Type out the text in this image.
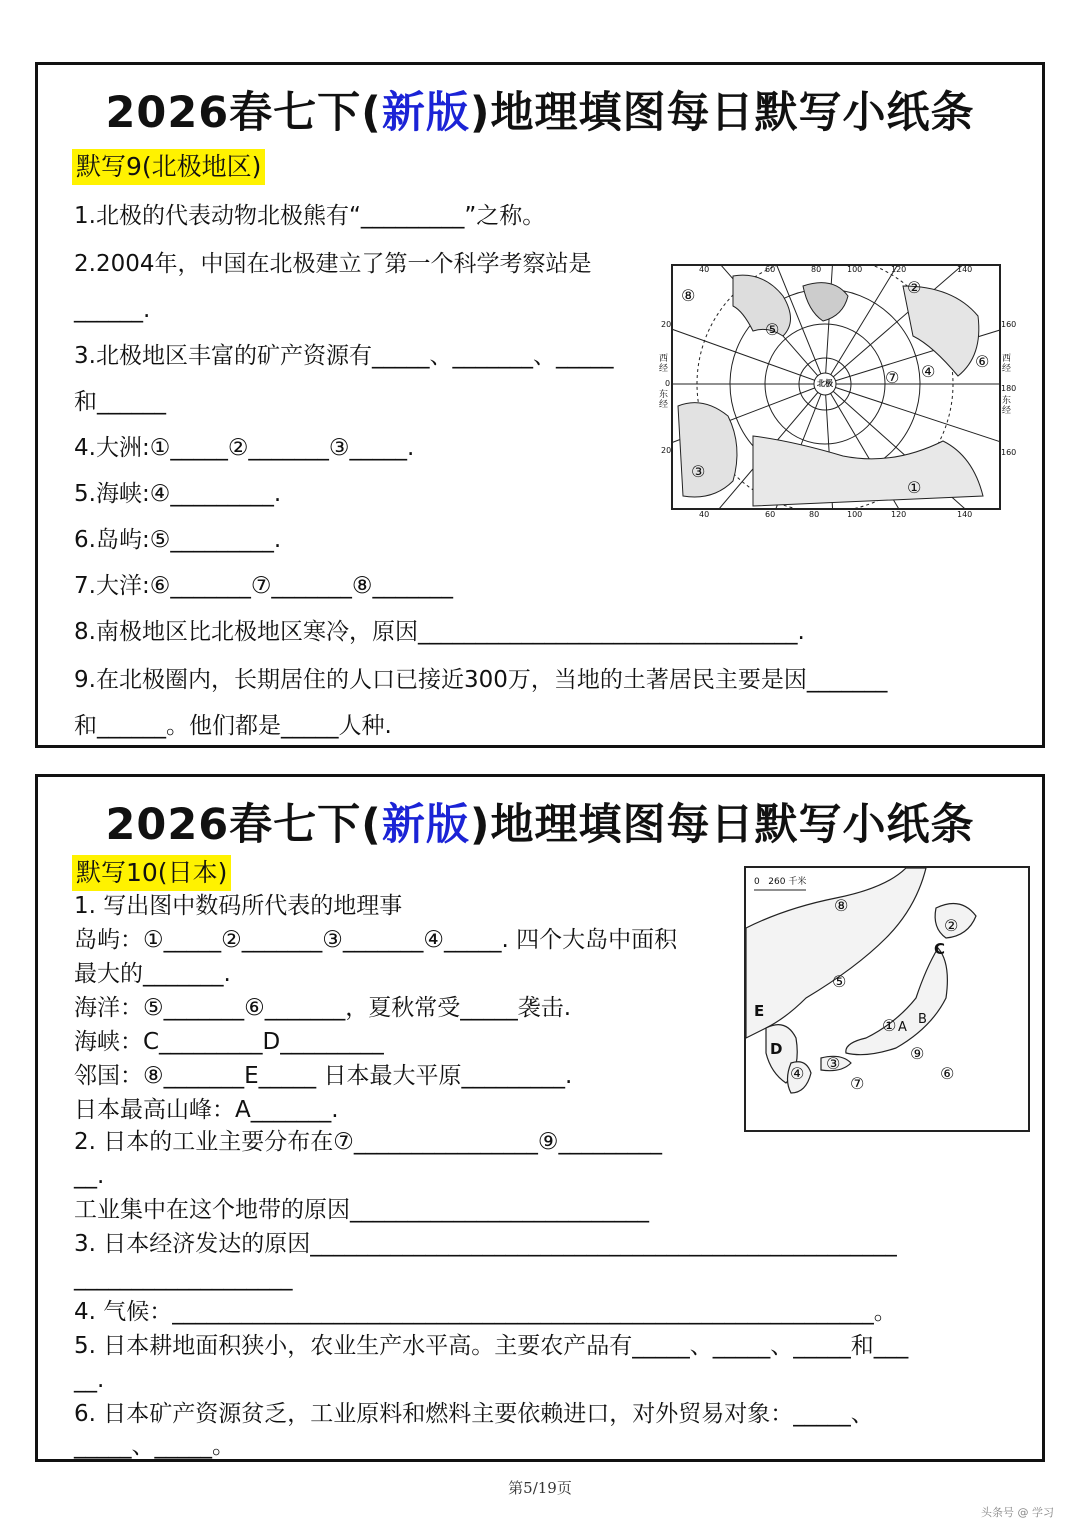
2026春七下(新版)地理填图每日默写小纸条
默写9(北极地区)
1.北极的代表动物北极熊有“_________”之称。
2.2004年，中国在北极建立了第一个科学考察站是
______.
3.北极地区丰富的矿产资源有_____、_______、_____
和______
4.大洲:①_____②_______③_____.
5.海峡:④_________.
6.岛屿:⑤_________.
7.大洋:⑥_______⑦_______⑧_______
8.南极地区比北极地区寒冷，原因_________________________________.
9.在北极圈内，长期居住的人口已接近300万，当地的土著居民主要是因_______
和______。他们都是_____人种.
40	60	80	100	120	140
40	60	80	100	120	140
20
0
20
西经
东经
160
180
160
西经
东经
北极
①
②
③
④
⑤
⑥
⑦
⑧
2026春七下(新版)地理填图每日默写小纸条
默写10(日本)
1. 写出图中数码所代表的地理事
岛屿：①_____②_______③_______④_____. 四个大岛中面积
最大的_______.
海洋：⑤_______⑥_______，夏秋常受_____袭击.
海峡：C_________D_________
邻国：⑧_______E_____ 日本最大平原_________.
日本最高山峰：A_______.
2. 日本的工业主要分布在⑦________________⑨_________
__.
工业集中在这个地带的原因__________________________
3. 日本经济发达的原因___________________________________________________
___________________
4. 气候：_____________________________________________________________。
5. 日本耕地面积狭小，农业生产水平高。主要农产品有_____、_____、_____和___
__.
6. 日本矿产资源贫乏，工业原料和燃料主要依赖进口，对外贸易对象：_____、
_____、_____。
0   260 千米
①
②
③
④
⑤
⑥
⑦
⑧
⑨
A
B
C
D
E
第5/19页
头条号 @ 学习
